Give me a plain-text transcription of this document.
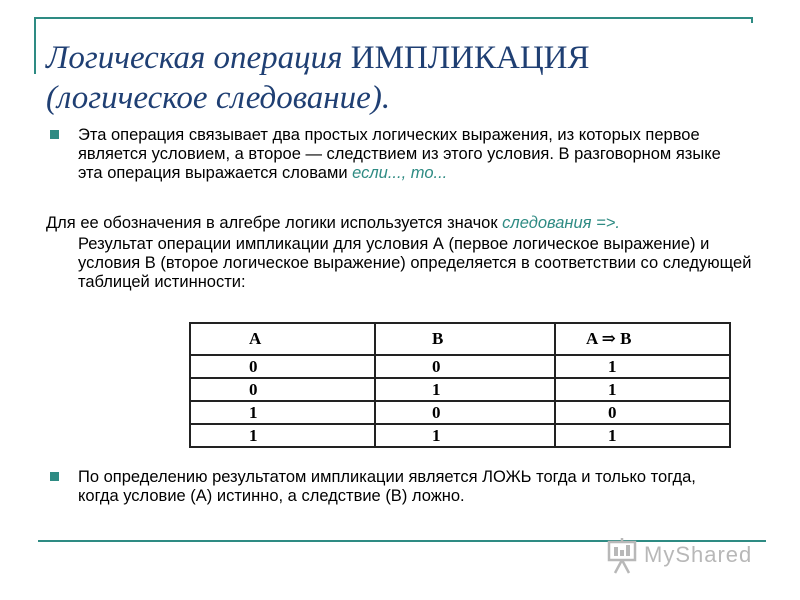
Логическая операция ИМПЛИКАЦИЯ
(логическое следование).
Эта операция связывает два простых логических выражения, из которых первое является условием, а второе — следствием из этого условия. В разговорном языке эта операция выражается словами если..., то...
Для ее обозначения в алгебре логики используется значок следования =>.
Результат операции импликации для условия А (первое логическое выражение) и условия В (второе логическое выражение) определяется в соответствии со следующей таблицей истинности:
A	B	A ⇒ B
0	0	1
0	1	1
1	0	0
1	1	1
По определению результатом импликации является ЛОЖЬ тогда и только тогда, когда условие (А) истинно, а следствие (В) ложно.
MyShared
